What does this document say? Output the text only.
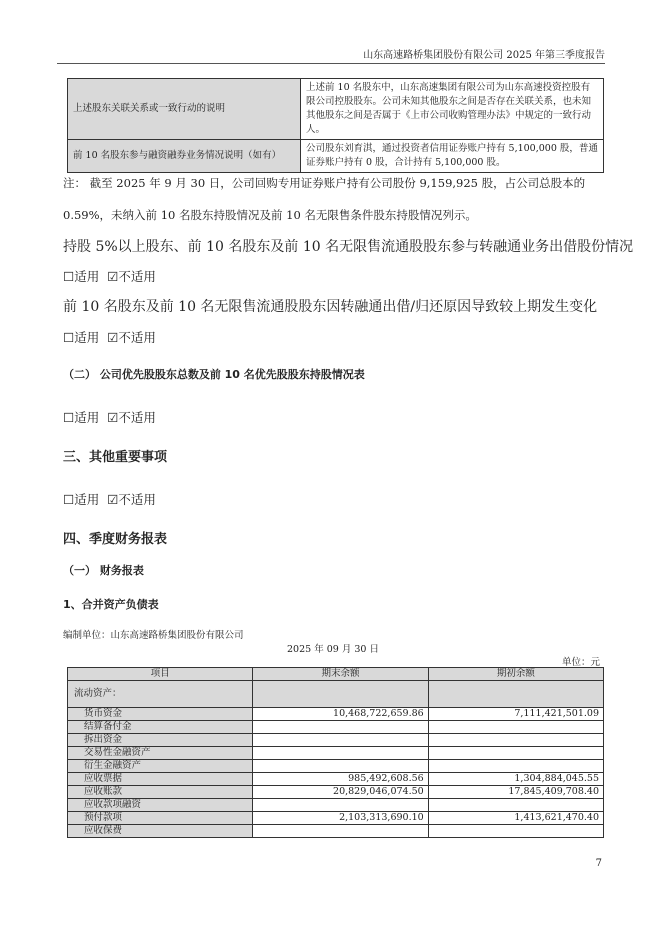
山东高速路桥集团股份有限公司 2025 年第三季度报告
上述股东关联关系或一致行动的说明	上述前 10 名股东中，山东高速集团有限公司为山东高速投资控股有限公司控股股东。公司未知其他股东之间是否存在关联关系，也未知其他股东之间是否属于《上市公司收购管理办法》中规定的一致行动人。
前 10 名股东参与融资融券业务情况说明（如有）	公司股东刘育淇，通过投资者信用证券账户持有 5,100,000 股，普通证券账户持有 0 股，合计持有 5,100,000 股。
注： 截至 2025 年 9 月 30 日，公司回购专用证券账户持有公司股份 9,159,925 股，占公司总股本的
0.59%，未纳入前 10 名股东持股情况及前 10 名无限售条件股东持股情况列示。
持股 5%以上股东、前 10 名股东及前 10 名无限售流通股股东参与转融通业务出借股份情况
☐适用 ☑不适用
前 10 名股东及前 10 名无限售流通股股东因转融通出借/归还原因导致较上期发生变化
☐适用 ☑不适用
（二） 公司优先股股东总数及前 10 名优先股股东持股情况表
☐适用 ☑不适用
三、其他重要事项
☐适用 ☑不适用
四、季度财务报表
（一） 财务报表
1、合并资产负债表
编制单位：山东高速路桥集团股份有限公司
2025 年 09 月 30 日
单位：元
项目	期末余额	期初余额
流动资产：		
货币资金	10,468,722,659.86	7,111,421,501.09
结算备付金		
拆出资金		
交易性金融资产		
衍生金融资产		
应收票据	985,492,608.56	1,304,884,045.55
应收账款	20,829,046,074.50	17,845,409,708.40
应收款项融资		
预付款项	2,103,313,690.10	1,413,621,470.40
应收保费		
7
